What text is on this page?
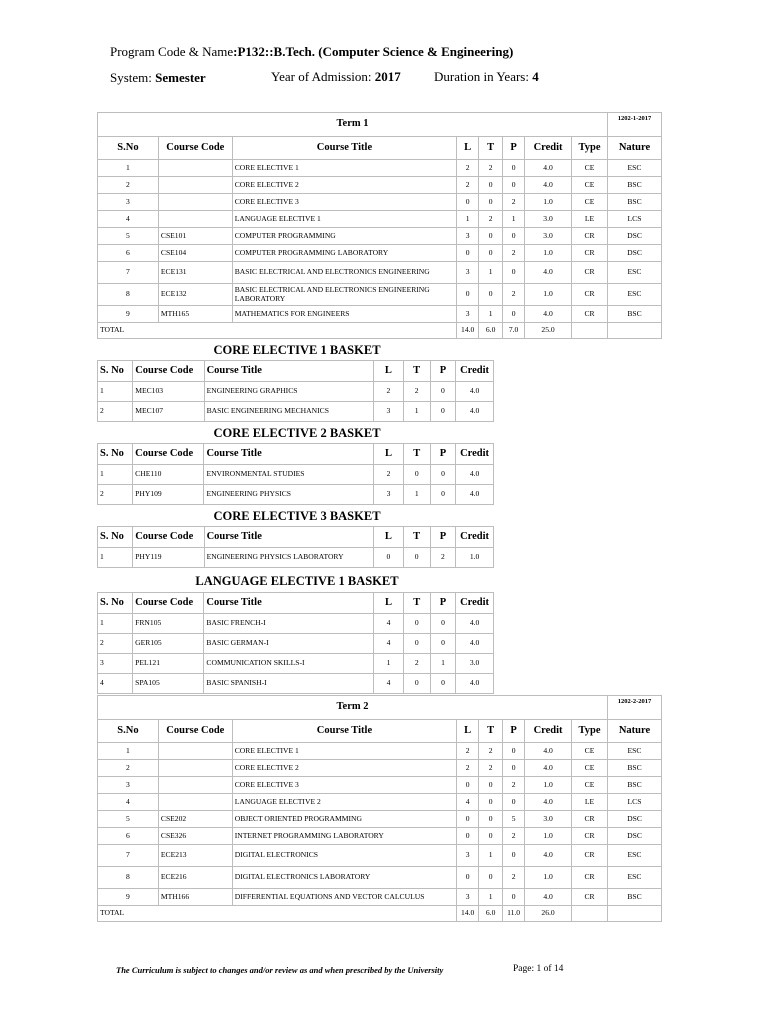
Program Code & Name:P132::B.Tech. (Computer Science & Engineering)
System: Semester	Year of Admission: 2017	Duration in Years: 4
Term 1								1202-1-2017
S.No	Course Code	Course Title	L	T	P	Credit	Type	Nature
1		CORE ELECTIVE 1	2	2	0	4.0	CE	ESC
2		CORE ELECTIVE 2	2	0	0	4.0	CE	BSC
3		CORE ELECTIVE 3	0	0	2	1.0	CE	BSC
4		LANGUAGE ELECTIVE 1	1	2	1	3.0	LE	LCS
5	CSE101	COMPUTER PROGRAMMING	3	0	0	3.0	CR	DSC
6	CSE104	COMPUTER PROGRAMMING LABORATORY	0	0	2	1.0	CR	DSC
7	ECE131	BASIC ELECTRICAL AND ELECTRONICS ENGINEERING	3	1	0	4.0	CR	ESC
8	ECE132	BASIC ELECTRICAL AND ELECTRONICS ENGINEERING LABORATORY	0	0	2	1.0	CR	ESC
9	MTH165	MATHEMATICS FOR ENGINEERS	3	1	0	4.0	CR	BSC
TOTAL			14.0	6.0	7.0	25.0		
CORE ELECTIVE 1 BASKET
S. No	Course Code	Course Title	L	T	P	Credit
1	MEC103	ENGINEERING GRAPHICS	2	2	0	4.0
2	MEC107	BASIC ENGINEERING MECHANICS	3	1	0	4.0
CORE ELECTIVE 2 BASKET
S. No	Course Code	Course Title	L	T	P	Credit
1	CHE110	ENVIRONMENTAL STUDIES	2	0	0	4.0
2	PHY109	ENGINEERING PHYSICS	3	1	0	4.0
CORE ELECTIVE 3 BASKET
S. No	Course Code	Course Title	L	T	P	Credit
1	PHY119	ENGINEERING PHYSICS LABORATORY	0	0	2	1.0
LANGUAGE ELECTIVE 1 BASKET
S. No	Course Code	Course Title	L	T	P	Credit
1	FRN105	BASIC FRENCH-I	4	0	0	4.0
2	GER105	BASIC GERMAN-I	4	0	0	4.0
3	PEL121	COMMUNICATION SKILLS-I	1	2	1	3.0
4	SPA105	BASIC SPANISH-I	4	0	0	4.0
Term 2								1202-2-2017
S.No	Course Code	Course Title	L	T	P	Credit	Type	Nature
1		CORE ELECTIVE 1	2	2	0	4.0	CE	ESC
2		CORE ELECTIVE 2	2	2	0	4.0	CE	BSC
3		CORE ELECTIVE 3	0	0	2	1.0	CE	BSC
4		LANGUAGE ELECTIVE 2	4	0	0	4.0	LE	LCS
5	CSE202	OBJECT ORIENTED PROGRAMMING	0	0	5	3.0	CR	DSC
6	CSE326	INTERNET PROGRAMMING LABORATORY	0	0	2	1.0	CR	DSC
7	ECE213	DIGITAL ELECTRONICS	3	1	0	4.0	CR	ESC
8	ECE216	DIGITAL ELECTRONICS LABORATORY	0	0	2	1.0	CR	ESC
9	MTH166	DIFFERENTIAL EQUATIONS AND VECTOR CALCULUS	3	1	0	4.0	CR	BSC
TOTAL			14.0	6.0	11.0	26.0		
The Curriculum is subject to changes and/or review as and when prescribed by the University	Page: 1 of 14
